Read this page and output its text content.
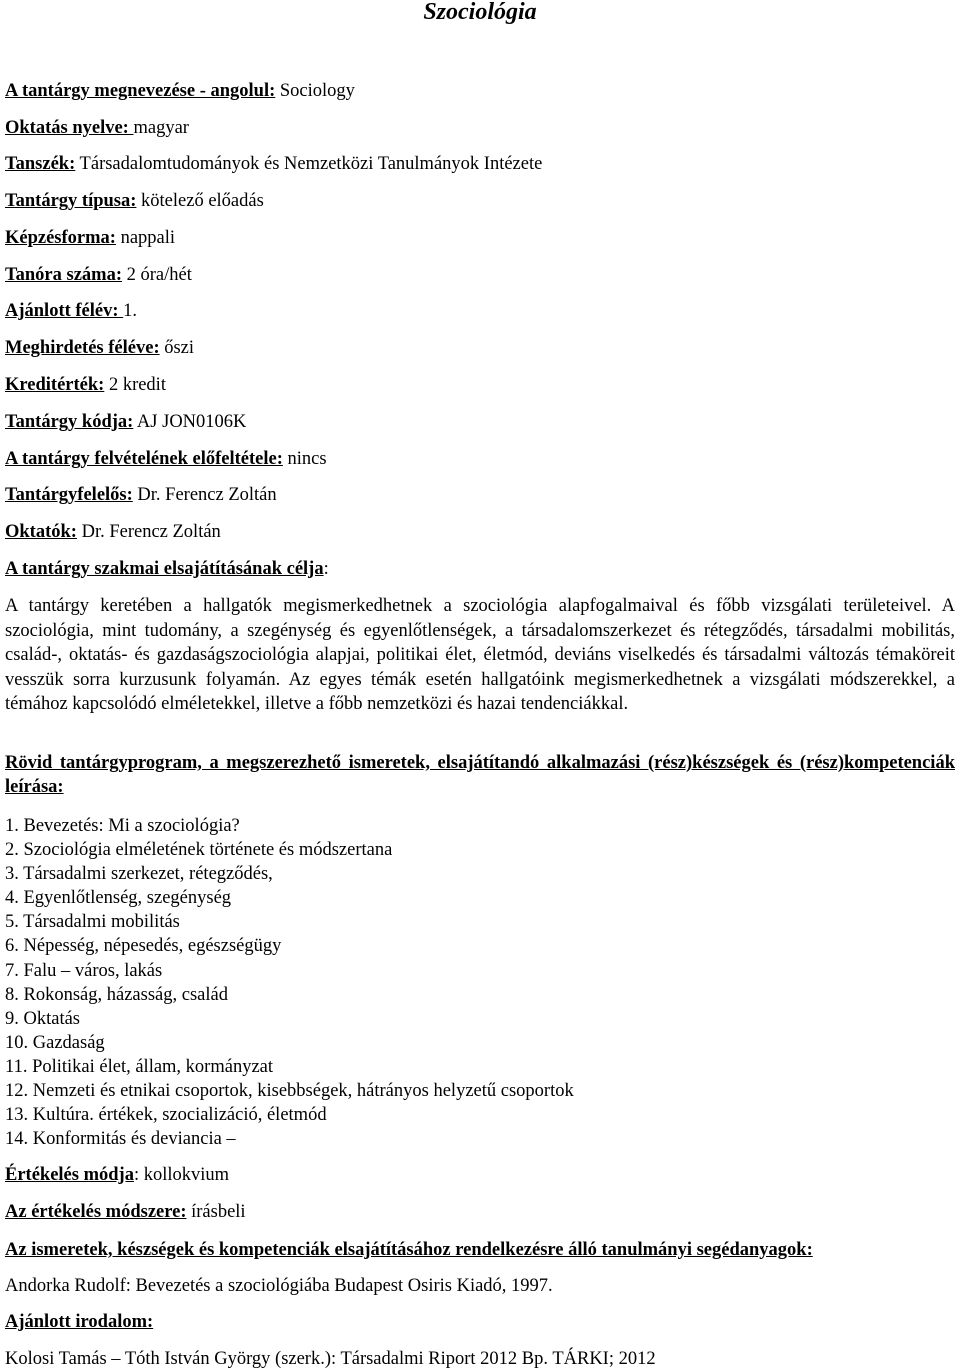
Szociológia
A tantárgy megnevezése - angolul: Sociology
Oktatás nyelve: magyar
Tanszék: Társadalomtudományok és Nemzetközi Tanulmányok Intézete
Tantárgy típusa: kötelező előadás
Képzésforma: nappali
Tanóra száma: 2 óra/hét
Ajánlott félév: 1.
Meghirdetés féléve: őszi
Kreditérték: 2 kredit
Tantárgy kódja: AJ JON0106K
A tantárgy felvételének előfeltétele: nincs
Tantárgyfelelős: Dr. Ferencz Zoltán
Oktatók: Dr. Ferencz Zoltán
A tantárgy szakmai elsajátításának célja:
A tantárgy keretében a hallgatók megismerkedhetnek a szociológia alapfogalmaival és főbb vizsgálati területeivel. A szociológia, mint tudomány, a szegénység és egyenlőtlenségek, a társadalomszerkezet és rétegződés, társadalmi mobilitás, család-, oktatás- és gazdaságszociológia alapjai, politikai élet, életmód, deviáns viselkedés és társadalmi változás témaköreit vesszük sorra kurzusunk folyamán. Az egyes témák esetén hallgatóink megismerkedhetnek a vizsgálati módszerekkel, a témához kapcsolódó elméletekkel, illetve a főbb nemzetközi és hazai tendenciákkal.
Rövid tantárgyprogram, a megszerezhető ismeretek, elsajátítandó alkalmazási (rész)készségek és (rész)kompetenciák leírása:
1. Bevezetés: Mi a szociológia?
2. Szociológia elméletének története és módszertana
3. Társadalmi szerkezet, rétegződés,
4. Egyenlőtlenség, szegénység
5. Társadalmi mobilitás
6. Népesség, népesedés, egészségügy
7. Falu – város, lakás
8. Rokonság, házasság, család
9. Oktatás
10. Gazdaság
11. Politikai élet, állam, kormányzat
12. Nemzeti és etnikai csoportok, kisebbségek, hátrányos helyzetű csoportok
13. Kultúra. értékek, szocializáció, életmód
14. Konformitás és deviancia –
Értékelés módja: kollokvium
Az értékelés módszere: írásbeli
Az ismeretek, készségek és kompetenciák elsajátításához rendelkezésre álló tanulmányi segédanyagok:
Andorka Rudolf: Bevezetés a szociológiába Budapest Osiris Kiadó, 1997.
Ajánlott irodalom:
Kolosi Tamás – Tóth István György (szerk.): Társadalmi Riport 2012 Bp. TÁRKI; 2012
